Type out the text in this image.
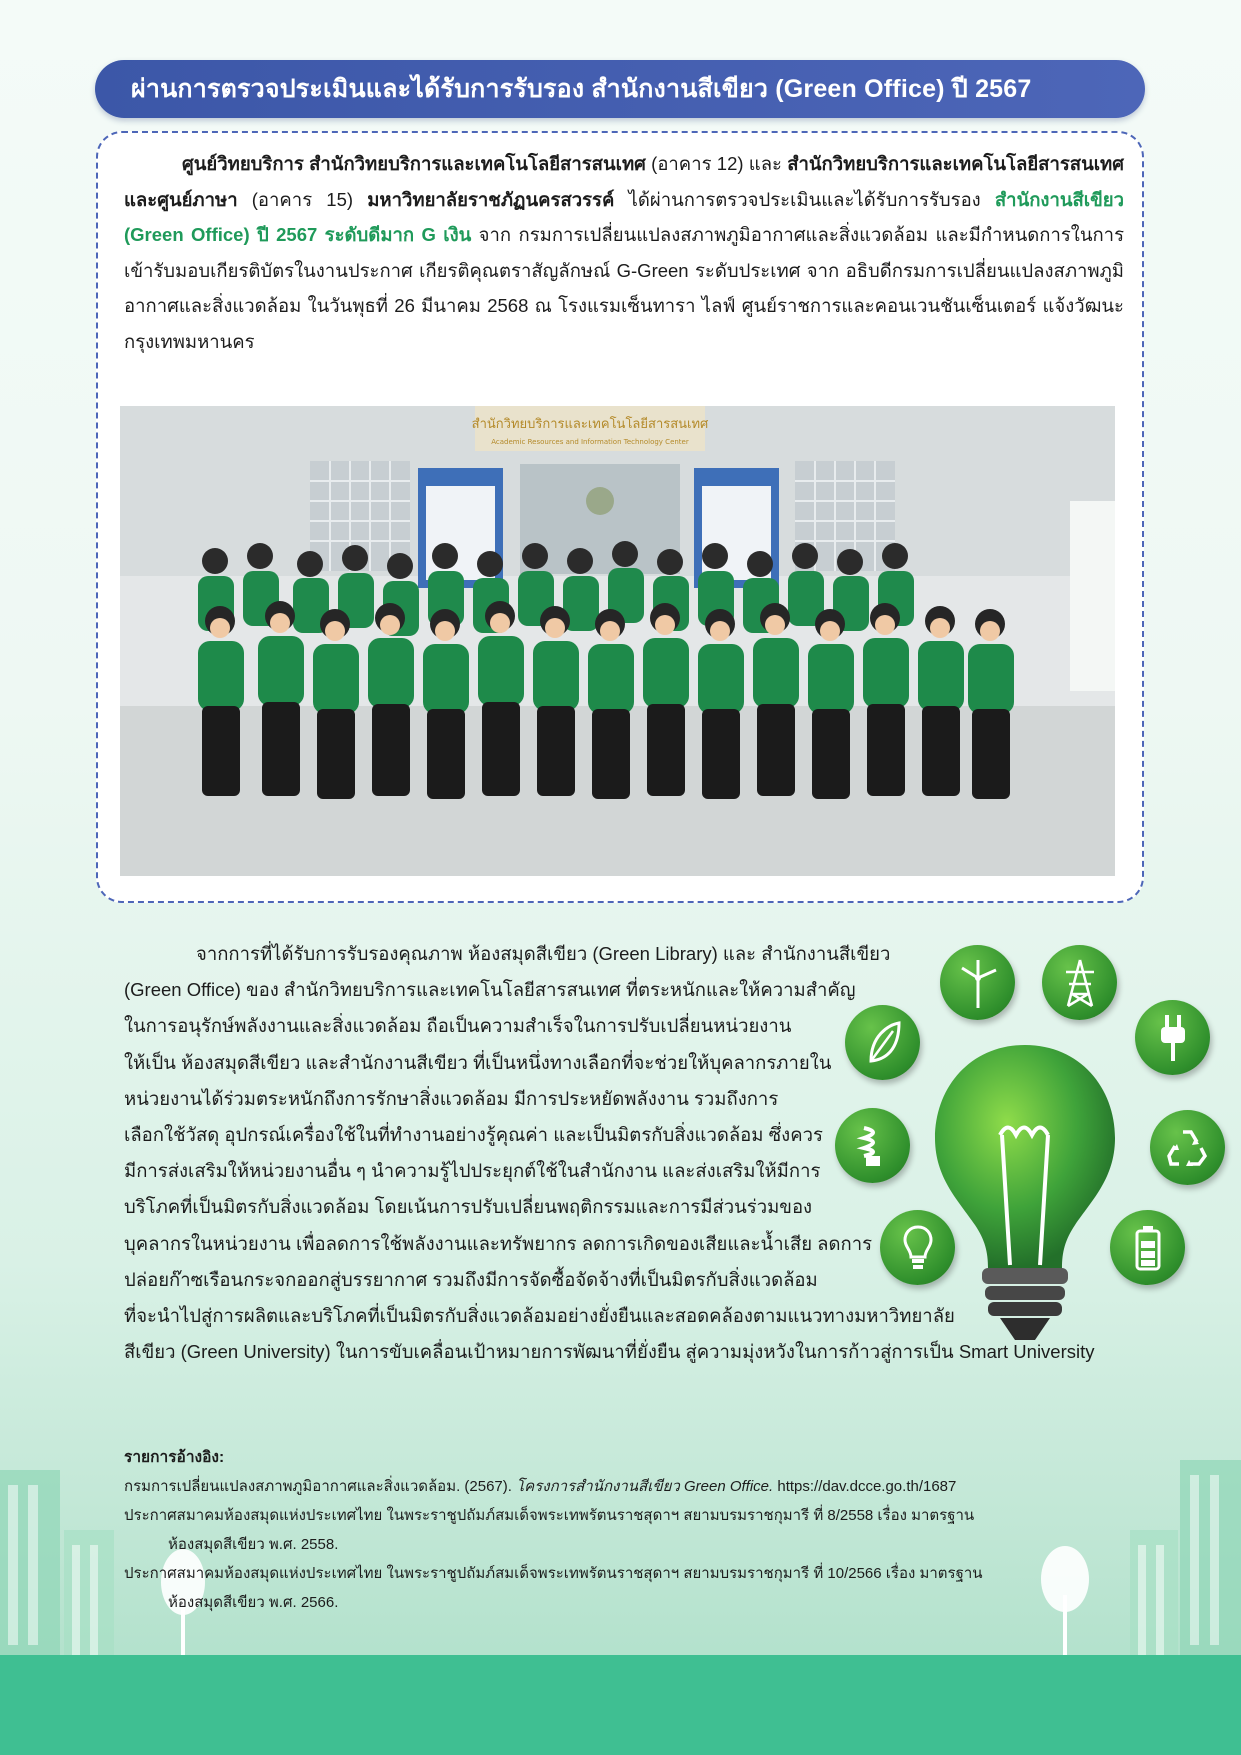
ผ่านการตรวจประเมินและได้รับการรับรอง สำนักงานสีเขียว (Green Office) ปี 2567
ศูนย์วิทยบริการ สำนักวิทยบริการและเทคโนโลยีสารสนเทศ (อาคาร 12) และ สำนักวิทยบริการและเทคโนโลยีสารสนเทศ และศูนย์ภาษา (อาคาร 15) มหาวิทยาลัยราชภัฏนครสวรรค์ ได้ผ่านการตรวจประเมินและได้รับการรับรอง สำนักงานสีเขียว (Green Office) ปี 2567 ระดับดีมาก G เงิน จาก กรมการเปลี่ยนแปลงสภาพภูมิอากาศและสิ่งแวดล้อม และมีกำหนดการในการเข้ารับมอบเกียรติบัตรในงานประกาศ เกียรติคุณตราสัญลักษณ์ G-Green ระดับประเทศ จาก อธิบดีกรมการเปลี่ยนแปลงสภาพภูมิอากาศและสิ่งแวดล้อม ในวันพุธที่ 26 มีนาคม 2568 ณ โรงแรมเซ็นทารา ไลฟ์ ศูนย์ราชการและคอนเวนชันเซ็นเตอร์ แจ้งวัฒนะ กรุงเทพมหานคร
สำนักวิทยบริการและเทคโนโลยีสารสนเทศ
Academic Resources and Information Technology Center

จากการที่ได้รับการรับรองคุณภาพ ห้องสมุดสีเขียว (Green Library) และ สำนักงานสีเขียว

(Green Office) ของ สำนักวิทยบริการและเทคโนโลยีสารสนเทศ ที่ตระหนักและให้ความสำคัญ

ในการอนุรักษ์พลังงานและสิ่งแวดล้อม ถือเป็นความสำเร็จในการปรับเปลี่ยนหน่วยงาน

ให้เป็น ห้องสมุดสีเขียว และสำนักงานสีเขียว ที่เป็นหนึ่งทางเลือกที่จะช่วยให้บุคลากรภายใน

หน่วยงานได้ร่วมตระหนักถึงการรักษาสิ่งแวดล้อม มีการประหยัดพลังงาน รวมถึงการ

เลือกใช้วัสดุ อุปกรณ์เครื่องใช้ในที่ทำงานอย่างรู้คุณค่า และเป็นมิตรกับสิ่งแวดล้อม ซึ่งควร

มีการส่งเสริมให้หน่วยงานอื่น ๆ นำความรู้ไปประยุกต์ใช้ในสำนักงาน และส่งเสริมให้มีการ

บริโภคที่เป็นมิตรกับสิ่งแวดล้อม โดยเน้นการปรับเปลี่ยนพฤติกรรมและการมีส่วนร่วมของ

บุคลากรในหน่วยงาน เพื่อลดการใช้พลังงานและทรัพยากร ลดการเกิดของเสียและน้ำเสีย ลดการ

ปล่อยก๊าซเรือนกระจกออกสู่บรรยากาศ รวมถึงมีการจัดซื้อจัดจ้างที่เป็นมิตรกับสิ่งแวดล้อม

ที่จะนำไปสู่การผลิตและบริโภคที่เป็นมิตรกับสิ่งแวดล้อมอย่างยั่งยืนและสอดคล้องตามแนวทางมหาวิทยาลัย

สีเขียว (Green University) ในการขับเคลื่อนเป้าหมายการพัฒนาที่ยั่งยืน สู่ความมุ่งหวังในการก้าวสู่การเป็น Smart University

รายการอ้างอิง:

กรมการเปลี่ยนแปลงสภาพภูมิอากาศและสิ่งแวดล้อม. (2567). โครงการสำนักงานสีเขียว Green Office. https://dav.dcce.go.th/1687

ประกาศสมาคมห้องสมุดแห่งประเทศไทย ในพระราชูปถัมภ์สมเด็จพระเทพรัตนราชสุดาฯ สยามบรมราชกุมารี ที่ 8/2558 เรื่อง มาตรฐาน

ห้องสมุดสีเขียว พ.ศ. 2558.

ประกาศสมาคมห้องสมุดแห่งประเทศไทย ในพระราชูปถัมภ์สมเด็จพระเทพรัตนราชสุดาฯ สยามบรมราชกุมารี ที่ 10/2566 เรื่อง มาตรฐาน

ห้องสมุดสีเขียว พ.ศ. 2566.
